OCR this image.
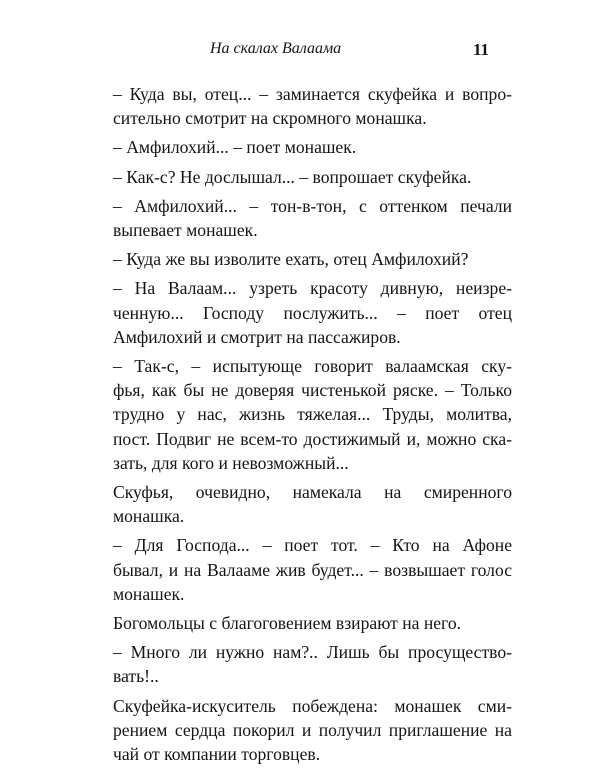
На скалах Валаама	11

– Куда вы, отец... – заминается скуфейка и вопро-
сительно смотрит на скромного монашка.

– Амфилохий... – поет монашек.

– Как-с? Не дослышал... – вопрошает скуфейка.

– Амфилохий... – тон-в-тон, с оттенком печали
выпевает монашек.

– Куда же вы изволите ехать, отец Амфилохий?

– На Валаам... узреть красоту дивную, неизре-
ченную... Господу послужить... – поет отец
Амфилохий и смотрит на пассажиров.

– Так-с, – испытующе говорит валаамская ску-
фья, как бы не доверяя чистенькой ряске. – Только
трудно у нас, жизнь тяжелая... Труды, молитва,
пост. Подвиг не всем-то достижимый и, можно ска-
зать, для кого и невозможный...

Скуфья, очевидно, намекала на смиренного
монашка.

– Для Господа... – поет тот. – Кто на Афоне
бывал, и на Валааме жив будет... – возвышает голос
монашек.

Богомольцы с благоговением взирают на него.

– Много ли нужно нам?.. Лишь бы просущество-
вать!..

Скуфейка-искуситель побеждена: монашек сми-
рением сердца покорил и получил приглашение на
чай от компании торговцев.
